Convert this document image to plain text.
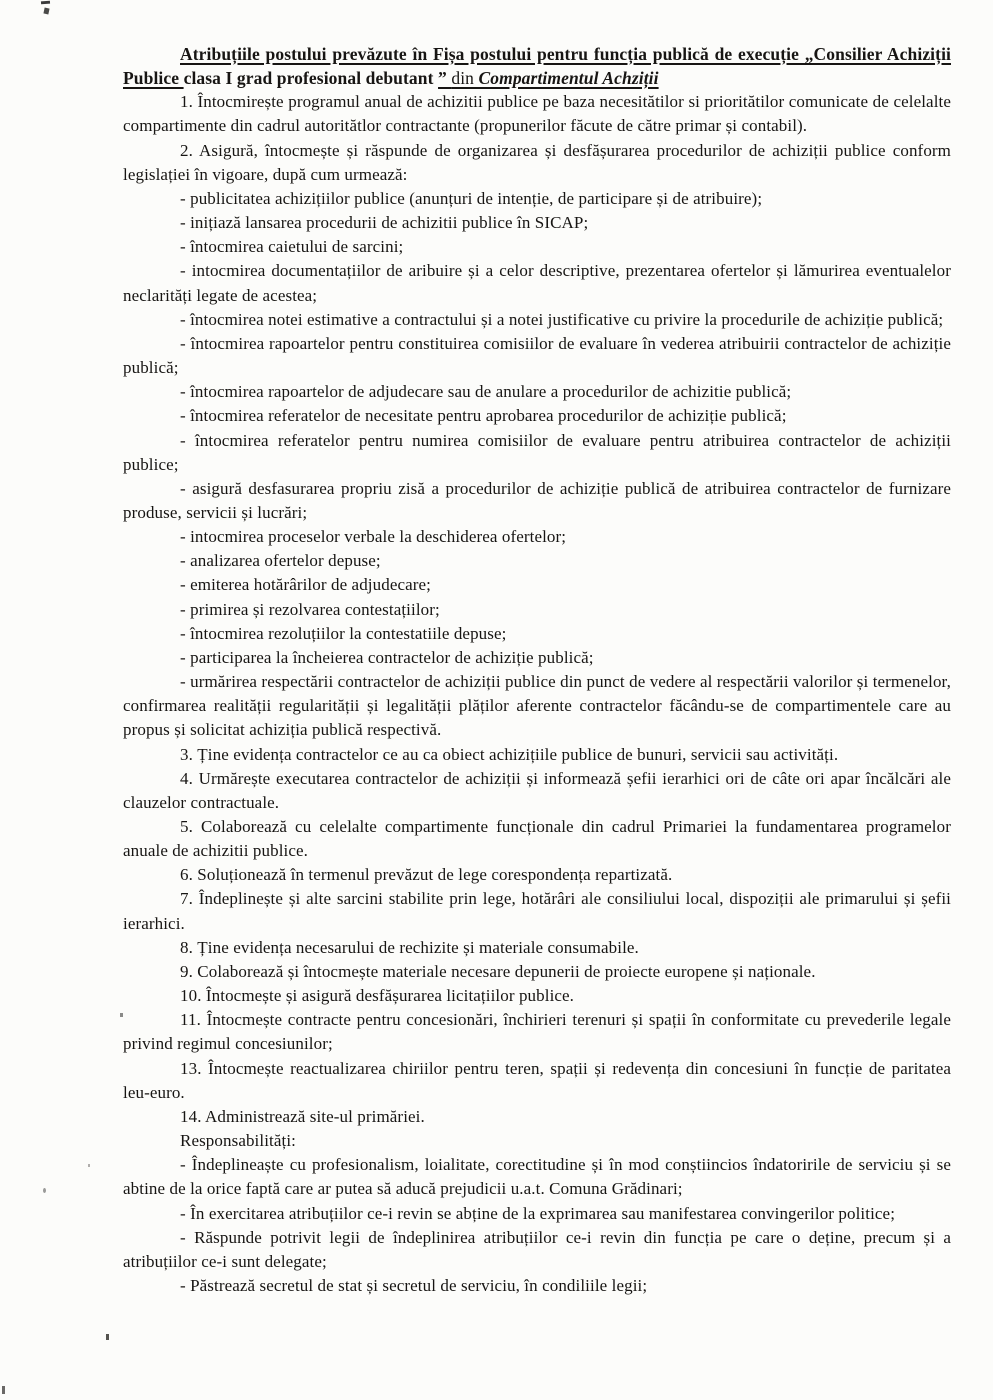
Atribuțiile postului prevăzute în Fișa postului pentru funcția publică de execuție „Consilier Achiziții Publice clasa I grad profesional debutant ” din Compartimentul Achziții

1. Întocmirește programul anual de achizitii publice pe baza necesitătilor si prioritătilor comunicate de celelalte compartimente din cadrul autoritătlor contractante (propunerilor făcute de către primar și contabil).

2. Asigură, întocmește și răspunde de organizarea și desfășurarea procedurilor de achiziții publice conform legislației în vigoare, după cum urmează:

- publicitatea achizițiilor publice (anunțuri de intenție, de participare și de atribuire);

- inițiază lansarea procedurii de achizitii publice în SICAP;

- întocmirea caietului de sarcini;

- intocmirea documentațiilor de aribuire și a celor descriptive, prezentarea ofertelor și lămurirea eventualelor neclarități legate de acestea;

- întocmirea notei estimative a contractului și a notei justificative cu privire la procedurile de achiziție publică;

- întocmirea rapoartelor pentru constituirea comisiilor de evaluare în vederea atribuirii contractelor de achiziție publică;

- întocmirea rapoartelor de adjudecare sau de anulare a procedurilor de achizitie publică;

- întocmirea referatelor de necesitate pentru aprobarea procedurilor de achiziție publică;

- întocmirea referatelor pentru numirea comisiilor de evaluare pentru atribuirea contractelor de achiziții publice;

- asigură desfasurarea propriu zisă a procedurilor de achiziție publică de atribuirea contractelor de furnizare produse, servicii și lucrări;

- intocmirea proceselor verbale la deschiderea ofertelor;

- analizarea ofertelor depuse;

- emiterea hotărârilor de adjudecare;

- primirea și rezolvarea contestațiilor;

- întocmirea rezoluțiilor la contestatiile depuse;

- participarea la încheierea contractelor de achiziție publică;

- urmărirea respectării contractelor de achiziții publice din punct de vedere al respectării valorilor și termenelor, confirmarea realității regularității și legalității plăților aferente contractelor făcându-se de compartimentele care au propus și solicitat achiziția publică respectivă.

3. Ține evidența contractelor ce au ca obiect achizițiile publice de bunuri, servicii sau activități.

4. Urmărește executarea contractelor de achiziții și informează șefii ierarhici ori de câte ori apar încălcări ale clauzelor contractuale.

5. Colaborează cu celelalte compartimente funcționale din cadrul Primariei la fundamentarea programelor anuale de achizitii publice.

6. Soluționează în termenul prevăzut de lege corespondența repartizată.

7. Îndeplinește și alte sarcini stabilite prin lege, hotărâri ale consiliului local, dispoziții ale primarului și șefii ierarhici.

8. Ține evidența necesarului de rechizite și materiale consumabile.

9. Colaborează și întocmește materiale necesare depunerii de proiecte europene și naționale.

10. Întocmește și asigură desfășurarea licitațiilor publice.

11. Întocmește contracte pentru concesionări, închirieri terenuri și spații în conformitate cu prevederile legale privind regimul concesiunilor;

13. Întocmește reactualizarea chiriilor pentru teren, spații și redevența din concesiuni în funcție de paritatea leu-euro.

14. Administrează site-ul primăriei.

Responsabilități:

- Îndeplineaște cu profesionalism, loialitate, corectitudine și în mod conștiincios îndatoririle de serviciu și se abtine de la orice faptă care ar putea să aducă prejudicii u.a.t. Comuna Grădinari;

- În exercitarea atribuțiilor ce-i revin se abține de la exprimarea sau manifestarea convingerilor politice;

- Răspunde potrivit legii de îndeplinirea atribuțiilor ce-i revin din funcția pe care o deține, precum și a atribuțiilor ce-i sunt delegate;

- Păstrează secretul de stat și secretul de serviciu, în condiliile legii;
